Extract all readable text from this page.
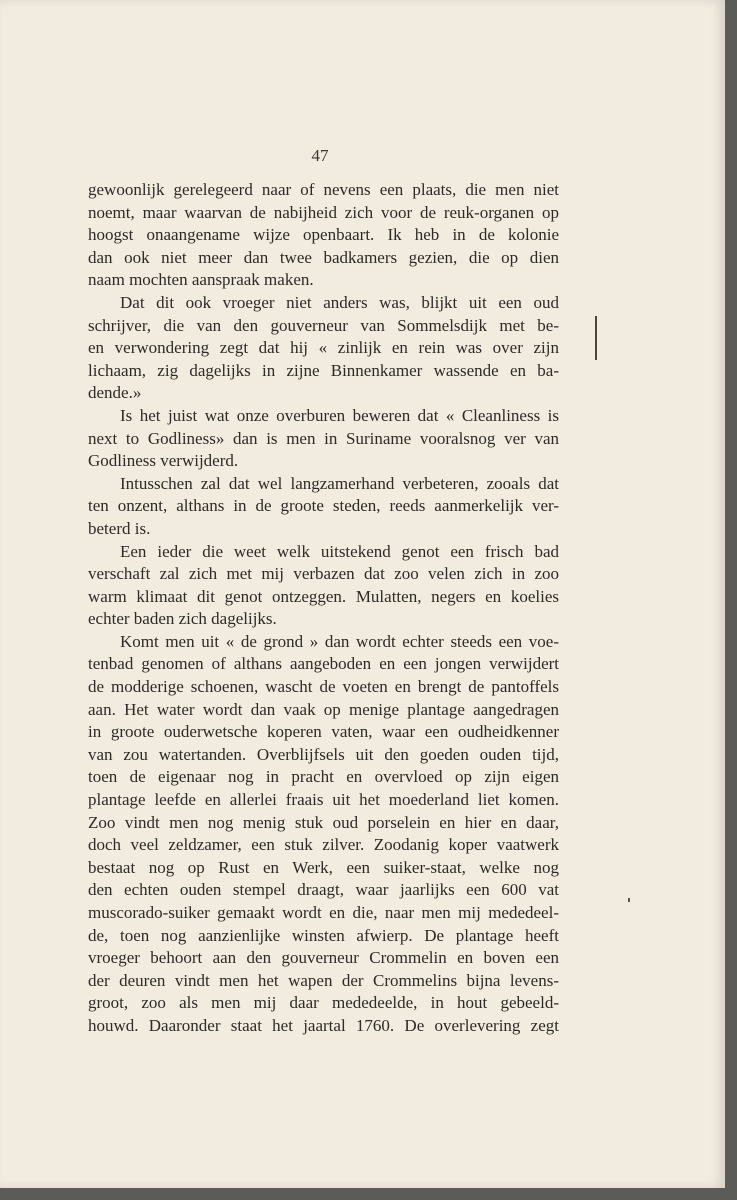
47
gewoonlijk gerelegeerd naar of nevens een plaats, die men niet
noemt, maar waarvan de nabijheid zich voor de reuk-organen op
hoogst onaangename wijze openbaart. Ik heb in de kolonie
dan ook niet meer dan twee badkamers gezien, die op dien
naam mochten aanspraak maken.
Dat dit ook vroeger niet anders was, blijkt uit een oud
schrijver, die van den gouverneur van Sommelsdijk met be-
en verwondering zegt dat hij « zinlijk en rein was over zijn
lichaam, zig dagelijks in zijne Binnenkamer wassende en ba-
dende.»
Is het juist wat onze overburen beweren dat « Cleanliness is
next to Godliness» dan is men in Suriname vooralsnog ver van
Godliness verwijderd.
Intusschen zal dat wel langzamerhand verbeteren, zooals dat
ten onzent, althans in de groote steden, reeds aanmerkelijk ver-
beterd is.
Een ieder die weet welk uitstekend genot een frisch bad
verschaft zal zich met mij verbazen dat zoo velen zich in zoo
warm klimaat dit genot ontzeggen. Mulatten, negers en koelies
echter baden zich dagelijks.
Komt men uit « de grond » dan wordt echter steeds een voe-
tenbad genomen of althans aangeboden en een jongen verwijdert
de modderige schoenen, wascht de voeten en brengt de pantoffels
aan. Het water wordt dan vaak op menige plantage aangedragen
in groote ouderwetsche koperen vaten, waar een oudheidkenner
van zou watertanden. Overblijfsels uit den goeden ouden tijd,
toen de eigenaar nog in pracht en overvloed op zijn eigen
plantage leefde en allerlei fraais uit het moederland liet komen.
Zoo vindt men nog menig stuk oud porselein en hier en daar,
doch veel zeldzamer, een stuk zilver. Zoodanig koper vaatwerk
bestaat nog op Rust en Werk, een suiker-staat, welke nog
den echten ouden stempel draagt, waar jaarlijks een 600 vat
muscorado-suiker gemaakt wordt en die, naar men mij mededeel-
de, toen nog aanzienlijke winsten afwierp. De plantage heeft
vroeger behoort aan den gouverneur Crommelin en boven een
der deuren vindt men het wapen der Crommelins bijna levens-
groot, zoo als men mij daar mededeelde, in hout gebeeld-
houwd. Daaronder staat het jaartal 1760. De overlevering zegt
